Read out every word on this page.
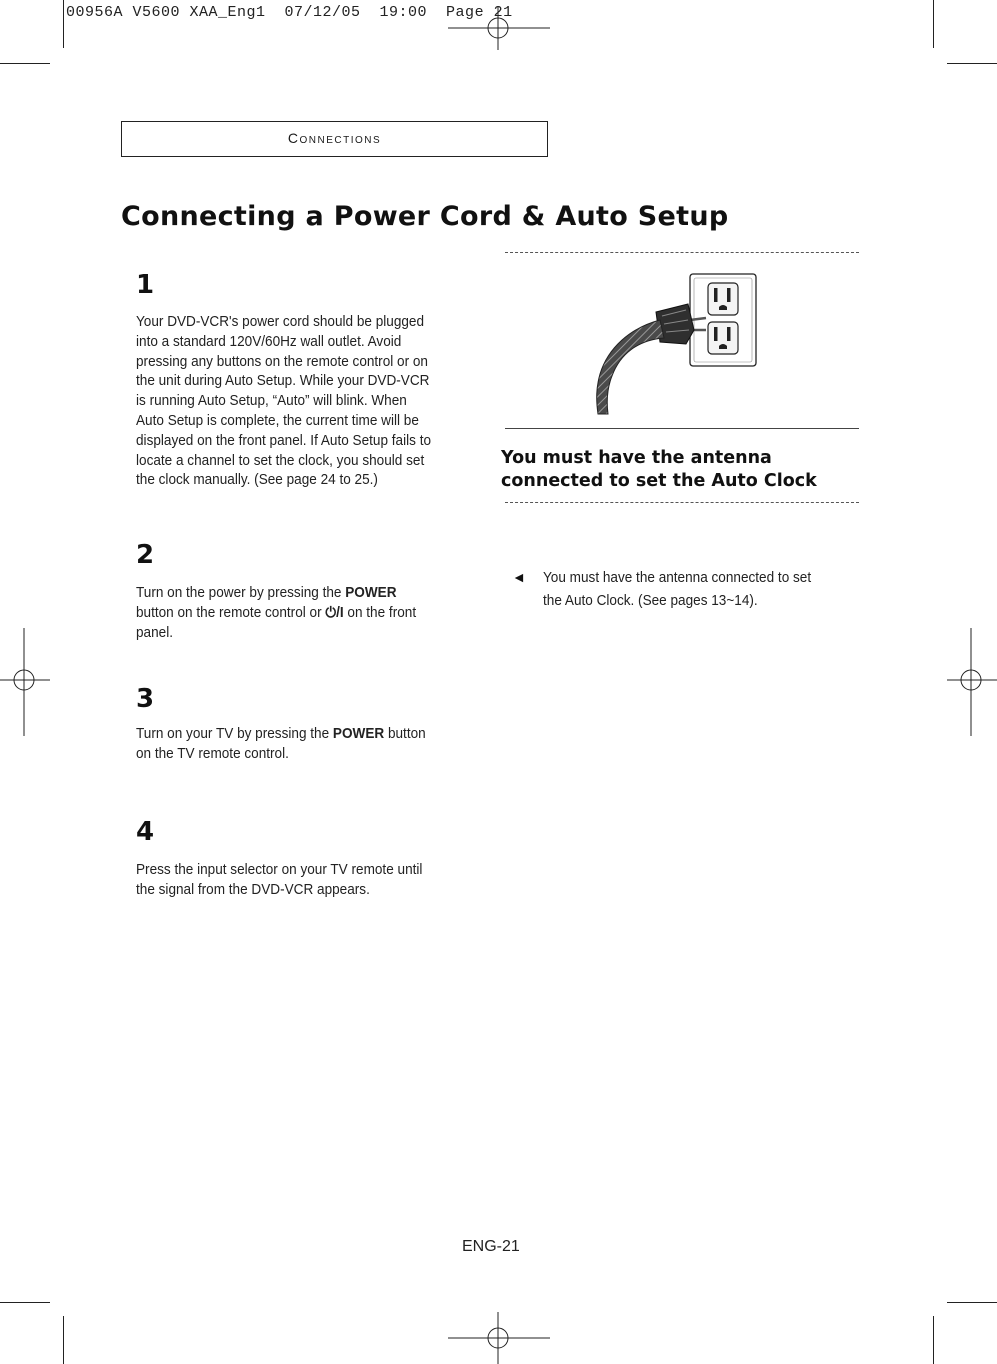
00956A V5600 XAA_Eng1  07/12/05  19:00  Page 21
Connections
Connecting a Power Cord & Auto Setup
1
Your DVD-VCR's power cord should be plugged
into a standard 120V/60Hz wall outlet. Avoid
pressing any buttons on the remote control or on
the unit during Auto Setup. While your DVD-VCR
is running Auto Setup, “Auto” will blink. When
Auto Setup is complete, the current time will be
displayed on the front panel. If Auto Setup fails to
locate a channel to set the clock, you should set
the clock manually. (See page 24 to 25.)
2
Turn on the power by pressing the POWER
button on the remote control or ⏻/I on the front
panel.
3
Turn on your TV by pressing the POWER button
on the TV remote control.
4
Press the input selector on your TV remote until
the signal from the DVD-VCR appears.
You must have the antenna
connected to set the Auto Clock
◄ You must have the antenna connected to set
the Auto Clock. (See pages 13~14).
ENG-21
